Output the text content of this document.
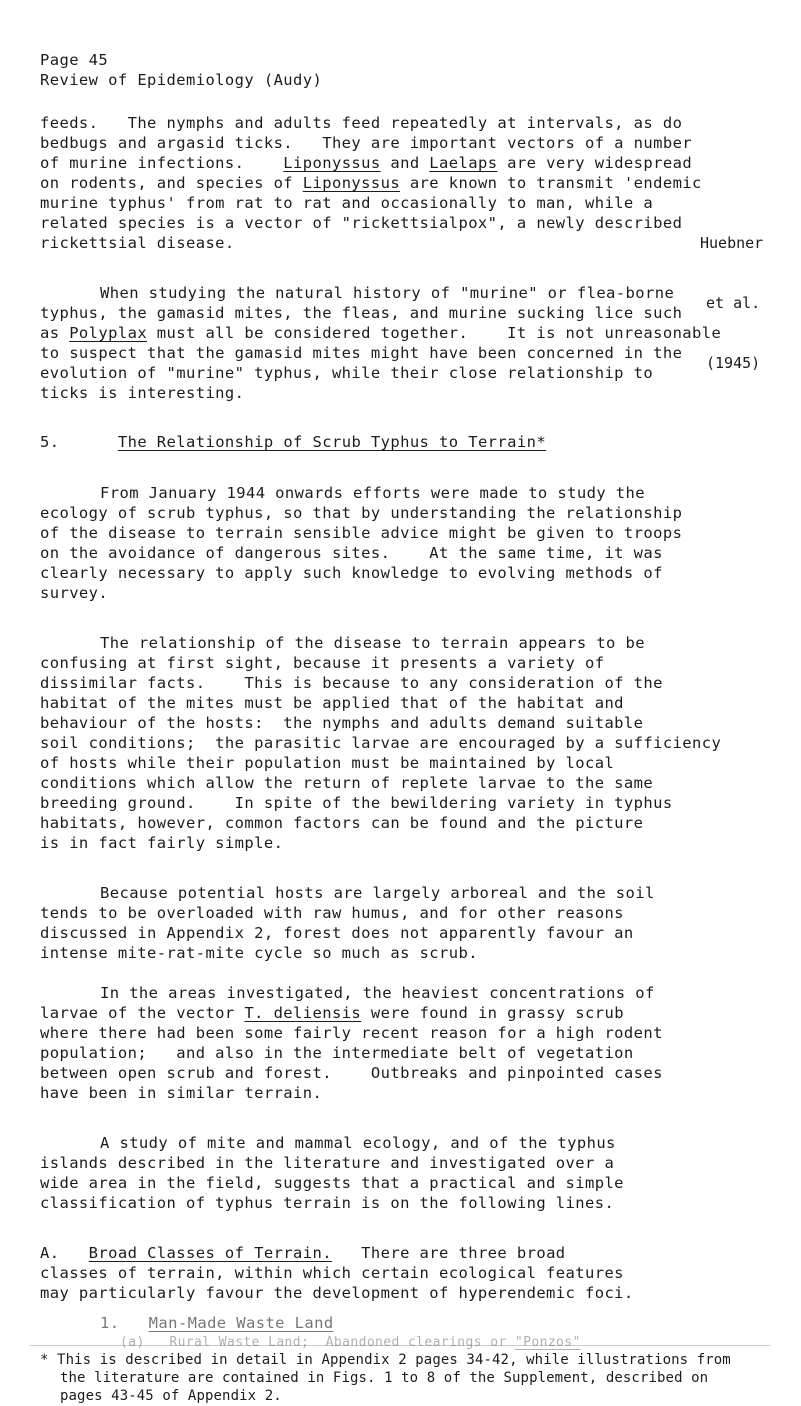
Page 45
Review of Epidemiology (Audy)
feeds.   The nymphs and adults feed repeatedly at intervals, as do
bedbugs and argasid ticks.   They are important vectors of a number
of murine infections.    Liponyssus and Laelaps are very widespread
on rodents, and species of Liponyssus are known to transmit 'endemic
murine typhus' from rat to rat and occasionally to man, while a
related species is a vector of "rickettsialpox", a newly described
rickettsial disease.

	Huebner

et al.

(1945)

When studying the natural history of "murine" or flea-borne
typhus, the gamasid mites, the fleas, and murine sucking lice such
as Polyplax must all be considered together.    It is not unreasonable
to suspect that the gamasid mites might have been concerned in the
evolution of "murine" typhus, while their close relationship to
ticks is interesting.
5.	The Relationship of Scrub Typhus to Terrain*
From January 1944 onwards efforts were made to study the
ecology of scrub typhus, so that by understanding the relationship
of the disease to terrain sensible advice might be given to troops
on the avoidance of dangerous sites.    At the same time, it was
clearly necessary to apply such knowledge to evolving methods of
survey.
The relationship of the disease to terrain appears to be
confusing at first sight, because it presents a variety of
dissimilar facts.    This is because to any consideration of the
habitat of the mites must be applied that of the habitat and
behaviour of the hosts:  the nymphs and adults demand suitable
soil conditions;  the parasitic larvae are encouraged by a sufficiency
of hosts while their population must be maintained by local
conditions which allow the return of replete larvae to the same
breeding ground.    In spite of the bewildering variety in typhus
habitats, however, common factors can be found and the picture
is in fact fairly simple.
Because potential hosts are largely arboreal and the soil
tends to be overloaded with raw humus, and for other reasons
discussed in Appendix 2, forest does not apparently favour an
intense mite-rat-mite cycle so much as scrub.
In the areas investigated, the heaviest concentrations of
larvae of the vector T. deliensis were found in grassy scrub
where there had been some fairly recent reason for a high rodent
population;   and also in the intermediate belt of vegetation
between open scrub and forest.    Outbreaks and pinpointed cases
have been in similar terrain.
A study of mite and mammal ecology, and of the typhus
islands described in the literature and investigated over a
wide area in the field, suggests that a practical and simple
classification of typhus terrain is on the following lines.
A. Broad Classes of Terrain.   There are three broad
classes of terrain, within which certain ecological features
may particularly favour the development of hyperendemic foci.
1. Man-Made Waste Land
(a) Rural Waste Land;  Abandoned clearings or "Ponzos"
* This is described in detail in Appendix 2 pages 34-42, while illustrations from
the literature are contained in Figs. 1 to 8 of the Supplement, described on
pages 43-45 of Appendix 2.
